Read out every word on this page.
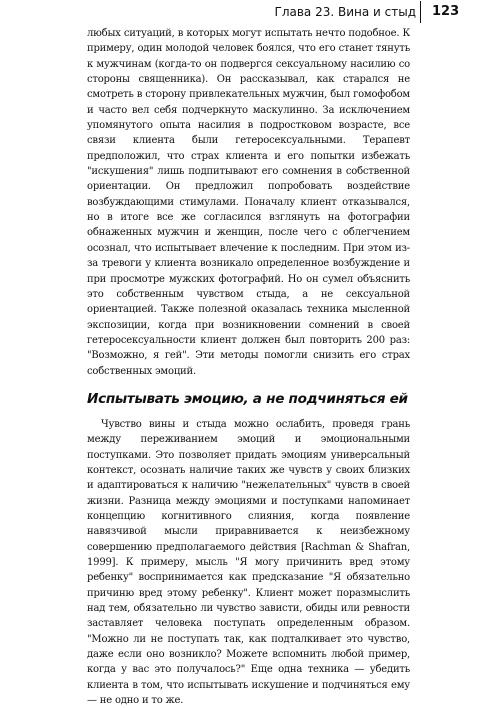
Глава 23. Вина и стыд 123

любых ситуаций, в которых могут испытать нечто подобное. К примеру, один молодой человек боялся, что его станет тянуть к мужчинам (когда-то он подвергся сексуальному насилию со стороны священника). Он рассказывал, как старался не смотреть в сторону привлекательных мужчин, был гомофобом и часто вел себя подчеркнуто маскулинно. За исключением упомянутого опыта насилия в подростковом возрасте, все связи клиента были гетеросексуальными. Терапевт предположил, что страх клиента и его попытки избежать "искушения" лишь подпитывают его сомнения в собственной ориентации. Он предложил попробовать воздействие возбуждающими стимулами. Поначалу клиент отказывался, но в итоге все же согласился взглянуть на фотографии обнаженных мужчин и женщин, после чего с облегчением осознал, что испытывает влечение к последним. При этом из-за тревоги у клиента возникало определенное возбуждение и при просмотре мужских фотографий. Но он сумел объяснить это собственным чувством стыда, а не сексуальной ориентацией. Также полезной оказалась техника мысленной экспозиции, когда при возникновении сомнений в своей гетеросексуальности клиент должен был повторить 200 раз: "Возможно, я гей". Эти методы помогли снизить его страх собственных эмоций.

Испытывать эмоцию, а не подчиняться ей

Чувство вины и стыда можно ослабить, проведя грань между переживанием эмоций и эмоциональными поступками. Это позволяет придать эмоциям универсальный контекст, осознать наличие таких же чувств у своих близких и адаптироваться к наличию "нежелательных" чувств в своей жизни. Разница между эмоциями и поступками напоминает концепцию когнитивного слияния, когда появление навязчивой мысли приравнивается к неизбежному совершению предполагаемого действия [Rachman & Shafran, 1999]. К примеру, мысль "Я могу причинить вред этому ребенку" воспринимается как предсказание "Я обязательно причиню вред этому ребенку". Клиент может поразмыслить над тем, обязательно ли чувство зависти, обиды или ревности заставляет человека поступать определенным образом. "Можно ли не поступать так, как подталкивает это чувство, даже если оно возникло? Можете вспомнить любой пример, когда у вас это получалось?" Еще одна техника — убедить клиента в том, что испытывать искушение и подчиняться ему — не одно и то же.
